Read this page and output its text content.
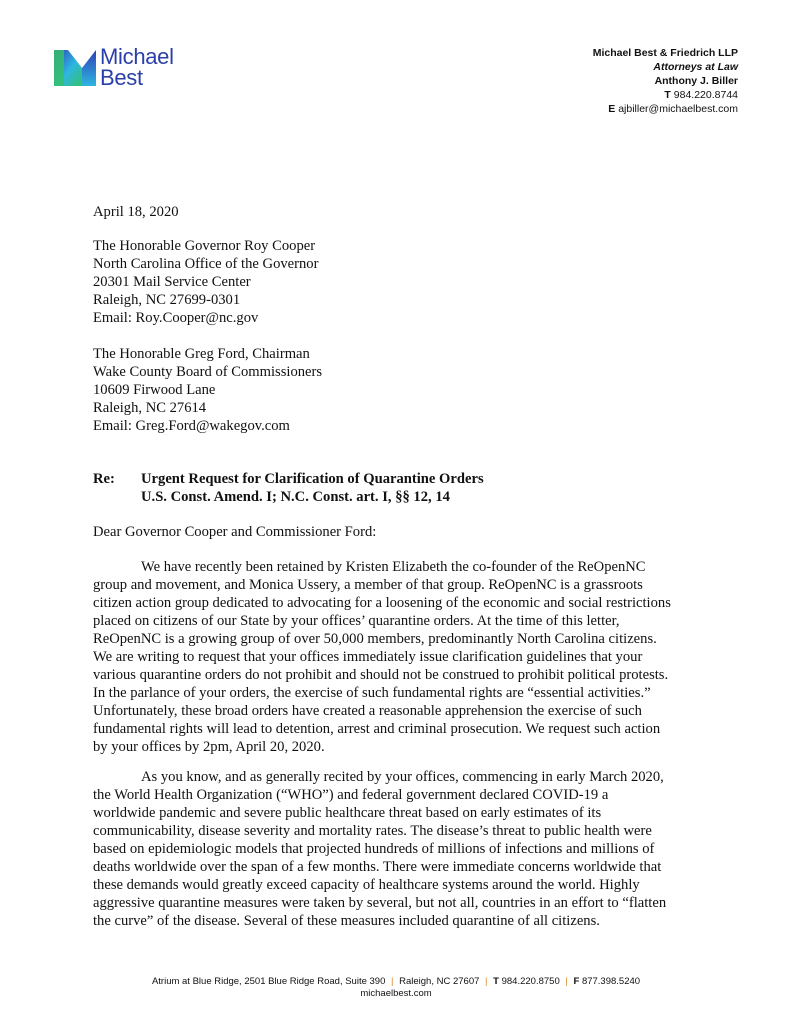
Michael
Best
Michael Best & Friedrich LLP
Attorneys at Law
Anthony J. Biller
T 984.220.8744
E ajbiller@michaelbest.com
April 18, 2020
The Honorable Governor Roy Cooper
North Carolina Office of the Governor
20301 Mail Service Center
Raleigh, NC 27699-0301
Email: Roy.Cooper@nc.gov
The Honorable Greg Ford, Chairman
Wake County Board of Commissioners
10609 Firwood Lane
Raleigh, NC 27614
Email: Greg.Ford@wakegov.com
Re: Urgent Request for Clarification of Quarantine Orders
U.S. Const. Amend. I; N.C. Const. art. I, §§ 12, 14
Dear Governor Cooper and Commissioner Ford:
We have recently been retained by Kristen Elizabeth the co-founder of the ReOpenNC
group and movement, and Monica Ussery, a member of that group. ReOpenNC is a grassroots
citizen action group dedicated to advocating for a loosening of the economic and social restrictions
placed on citizens of our State by your offices’ quarantine orders. At the time of this letter,
ReOpenNC is a growing group of over 50,000 members, predominantly North Carolina citizens.
We are writing to request that your offices immediately issue clarification guidelines that your
various quarantine orders do not prohibit and should not be construed to prohibit political protests.
In the parlance of your orders, the exercise of such fundamental rights are “essential activities.”
Unfortunately, these broad orders have created a reasonable apprehension the exercise of such
fundamental rights will lead to detention, arrest and criminal prosecution. We request such action
by your offices by 2pm, April 20, 2020.
As you know, and as generally recited by your offices, commencing in early March 2020,
the World Health Organization (“WHO”) and federal government declared COVID-19 a
worldwide pandemic and severe public healthcare threat based on early estimates of its
communicability, disease severity and mortality rates. The disease’s threat to public health were
based on epidemiologic models that projected hundreds of millions of infections and millions of
deaths worldwide over the span of a few months. There were immediate concerns worldwide that
these demands would greatly exceed capacity of healthcare systems around the world. Highly
aggressive quarantine measures were taken by several, but not all, countries in an effort to “flatten
the curve” of the disease. Several of these measures included quarantine of all citizens.
Atrium at Blue Ridge, 2501 Blue Ridge Road, Suite 390 | Raleigh, NC 27607 | T 984.220.8750 | F 877.398.5240
michaelbest.com
